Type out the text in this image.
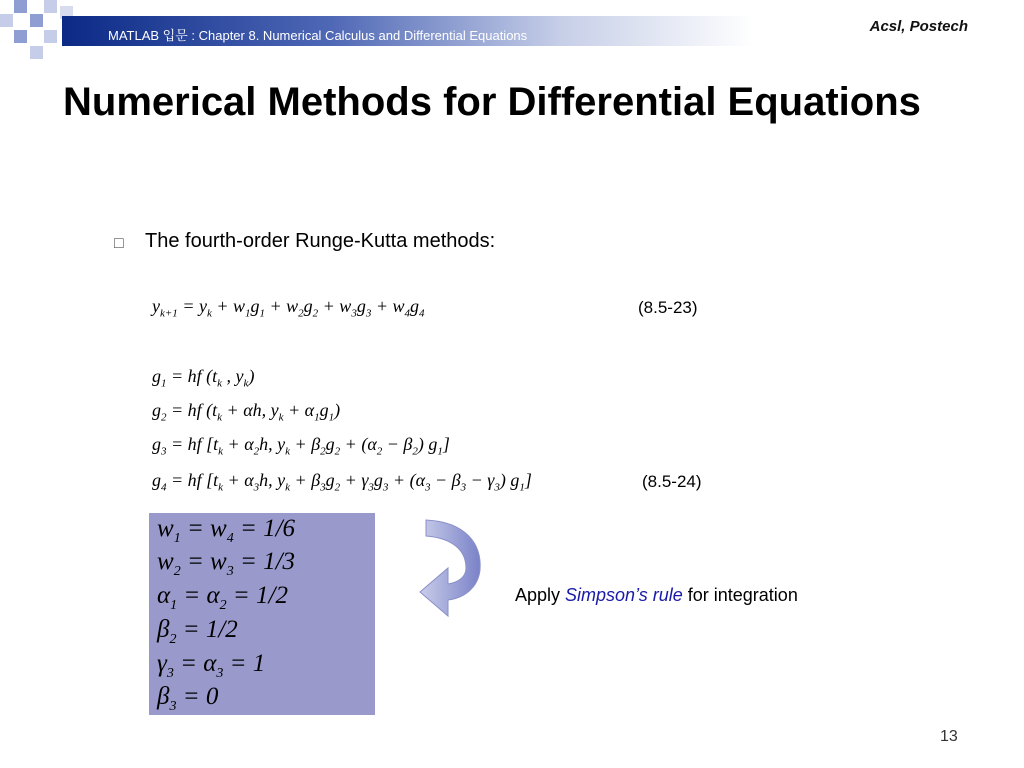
MATLAB 입문 : Chapter 8. Numerical Calculus and Differential Equations
Acsl, Postech
Numerical Methods for Differential Equations
□ The fourth-order Runge-Kutta methods:
$y_{k+1} = y_k + w_1g_1 + w_2g_2 + w_3g_3 + w_4g_4$	(8.5-23)
$g_1$ = hf ($t_k$ , $y_k$)
$g_2$ = hf ($t_k + \alpha h$, $y_k + \alpha_1g_1$)
$g_3$ = hf [$t_k + \alpha_2h$, $y_k + \beta_2g_2 + (\alpha_2 - \beta_2)$ $g_1$]
$g_4$ = hf [$t_k + \alpha_3h$, $y_k + \beta_3g_2 + \gamma_3g_3 + (\alpha_3 - \beta_3 - \gamma_3)$ $g_1$]	(8.5-24)
$w_1 = w_4 = 1/6$
$w_2 = w_3 = 1/3$
$\alpha_1 = \alpha_2 = 1/2$
$\beta_2 = 1/2$
$\gamma_3 = \alpha_3 = 1$
$\beta_3 = 0$
Apply Simpson’s rule for integration
13
